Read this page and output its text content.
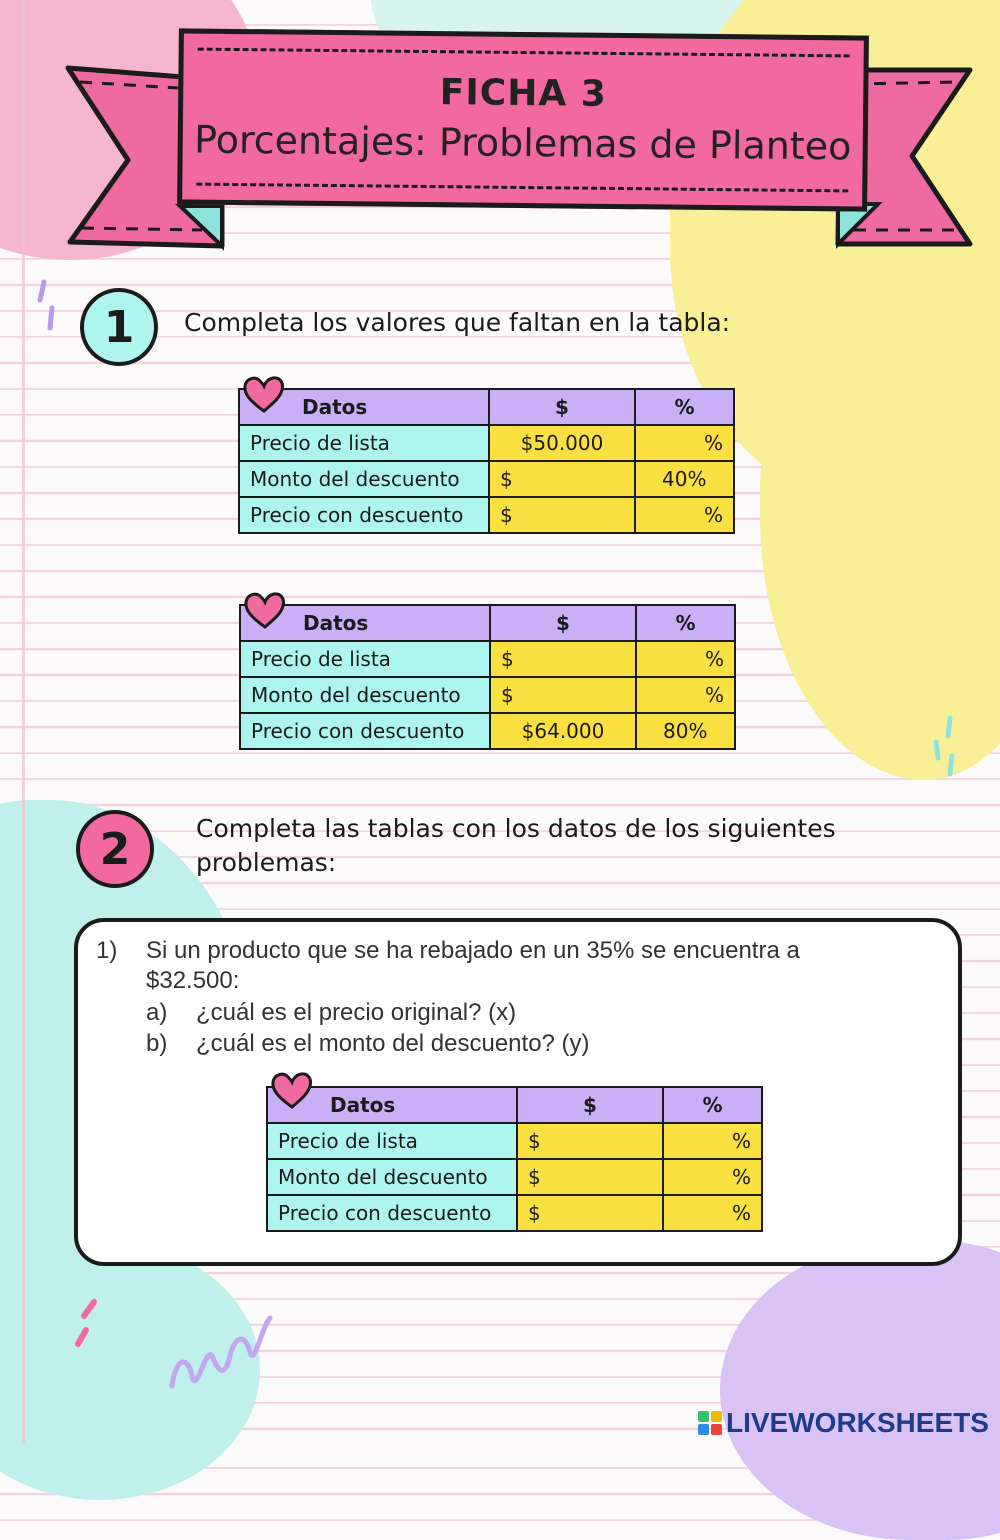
FICHA 3
Porcentajes: Problemas de Planteo
1 Completa los valores que faltan en la tabla:
Datos	$	%
Precio de lista	$50.000	%
Monto del descuento	$	40%
Precio con descuento	$	%
Datos	$	%
Precio de lista	$	%
Monto del descuento	$	%
Precio con descuento	$64.000	80%
2	Completa las tablas con los datos de los siguientes
problemas:
1) Si un producto que se ha rebajado en un 35% se encuentra a
$32.500:
a) ¿cuál es el precio original? (x)
b) ¿cuál es el monto del descuento? (y)
Datos	$	%
Precio de lista	$	%
Monto del descuento	$	%
Precio con descuento	$	%
LIVEWORKSHEETS
